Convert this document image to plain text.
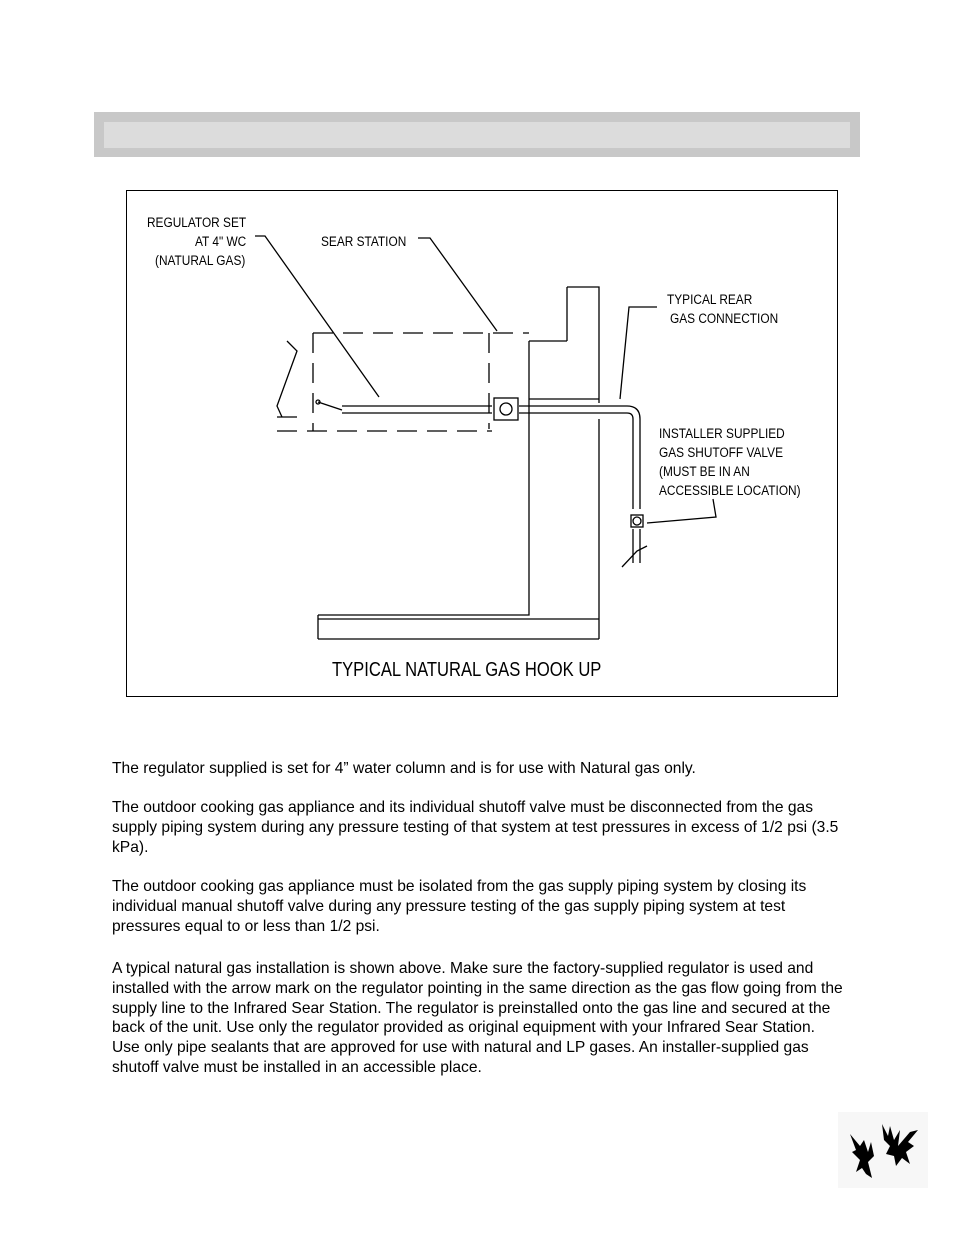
REGULATOR SET
AT 4" WC
(NATURAL GAS)
SEAR STATION
TYPICAL REAR
GAS CONNECTION
INSTALLER SUPPLIED
GAS SHUTOFF VALVE
(MUST BE IN AN
ACCESSIBLE LOCATION)
TYPICAL NATURAL GAS HOOK UP

The regulator supplied is set for 4” water column and is for use with Natural gas only.

The outdoor cooking gas appliance and its individual shutoff valve must be disconnected from the gas supply piping system during any pressure testing of that system at test pressures in excess of 1/2 psi (3.5 kPa).

The outdoor cooking gas appliance must be isolated from the gas supply piping system by closing its individual manual shutoff valve during any pressure testing of the gas supply piping system at test pressures equal to or less than 1/2 psi.

A typical natural gas installation is shown above. Make sure the factory-supplied regulator is used and installed with the arrow mark on the regulator pointing in the same direction as the gas flow going from the supply line to the Infrared Sear Station. The regulator is preinstalled onto the gas line and secured at the back of the unit. Use only the regulator provided as original equipment with your Infrared Sear Station. Use only pipe sealants that are approved for use with natural and LP gases. An installer-supplied gas shutoff valve must be installed in an accessible place.
